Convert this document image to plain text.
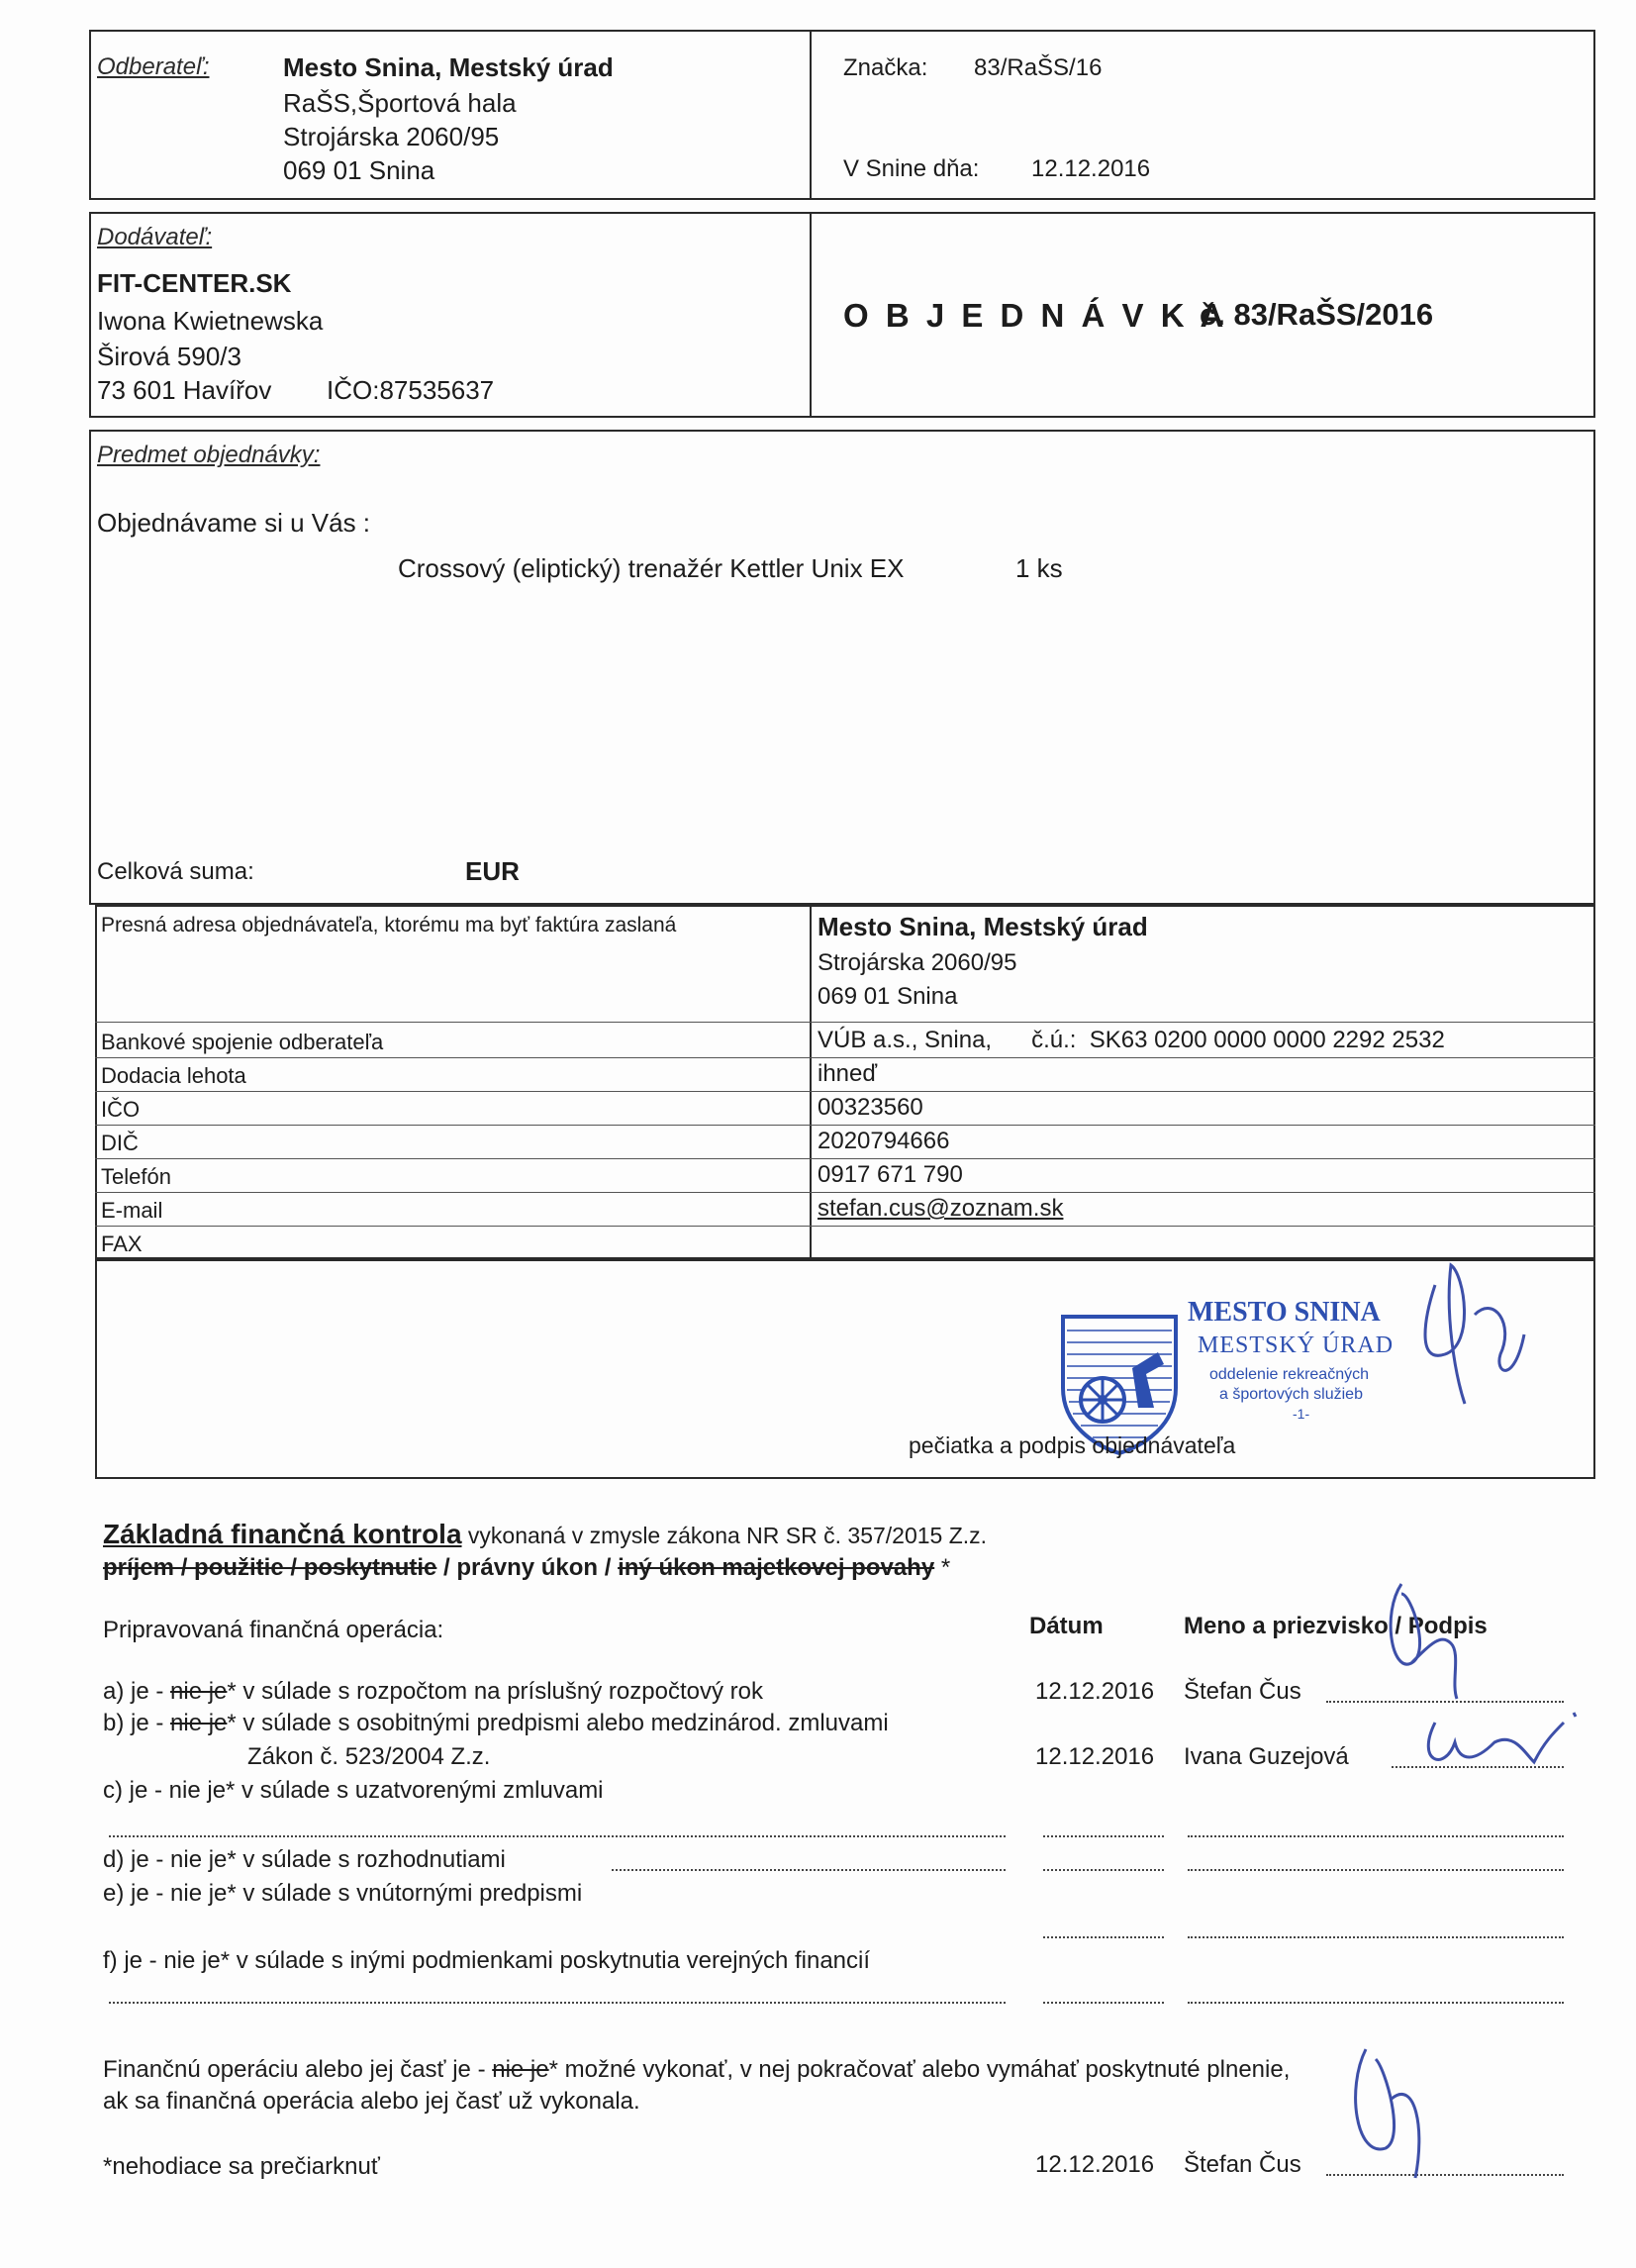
Odberateľ:	Mesto Snina, Mestský úrad
RaŠS,Športová hala
Strojárska 2060/95
069 01 Snina
Značka: 83/RaŠS/16
V Snine dňa: 12.12.2016
Dodávateľ:
FIT-CENTER.SK
Iwona Kwietnewska
Širová 590/3
73 601 Havířov IČO:87535637
O B J E D N Á V K A
č. 83/RaŠS/2016
Predmet objednávky:
Objednávame si u Vás :
Crossový (eliptický) trenažér Kettler Unix EX	1 ks
Celková suma:	EUR
Presná adresa objednávateľa, ktorému ma byť faktúra zaslaná	Mesto Snina, Mestský úrad
Strojárska 2060/95
069 01 Snina
Bankové spojenie odberateľa	VÚB a.s., Snina,      č.ú.:  SK63 0200 0000 0000 2292 2532
Dodacia lehota	ihneď
IČO	00323560
DIČ	2020794666
Telefón	0917 671 790
E-mail	stefan.cus@zoznam.sk
FAX
MESTO SNINA
MESTSKÝ ÚRAD
oddelenie rekreačných
a športových služieb
-1-
pečiatka a podpis objednávateľa
Základná finančná kontrola vykonaná v zmysle zákona NR SR č. 357/2015 Z.z.
príjem / použitie / poskytnutie / právny úkon / iný úkon majetkovej povahy *
Pripravovaná finančná operácia:	Dátum	Meno a priezvisko / Podpis
a) je - nie je* v súlade s rozpočtom na príslušný rozpočtový rok	12.12.2016 Štefan Čus
b) je - nie je* v súlade s osobitnými predpismi alebo medzinárod. zmluvami
Zákon č. 523/2004 Z.z.	12.12.2016 Ivana Guzejová
c) je - nie je* v súlade s uzatvorenými zmluvami
d) je - nie je* v súlade s rozhodnutiami
e) je - nie je* v súlade s vnútornými predpismi
f) je - nie je* v súlade s inými podmienkami poskytnutia verejných financií
Finančnú operáciu alebo jej časť je - nie je* možné vykonať, v nej pokračovať alebo vymáhať poskytnuté plnenie,
ak sa finančná operácia alebo jej časť už vykonala.
*nehodiace sa prečiarknuť	12.12.2016 Štefan Čus
